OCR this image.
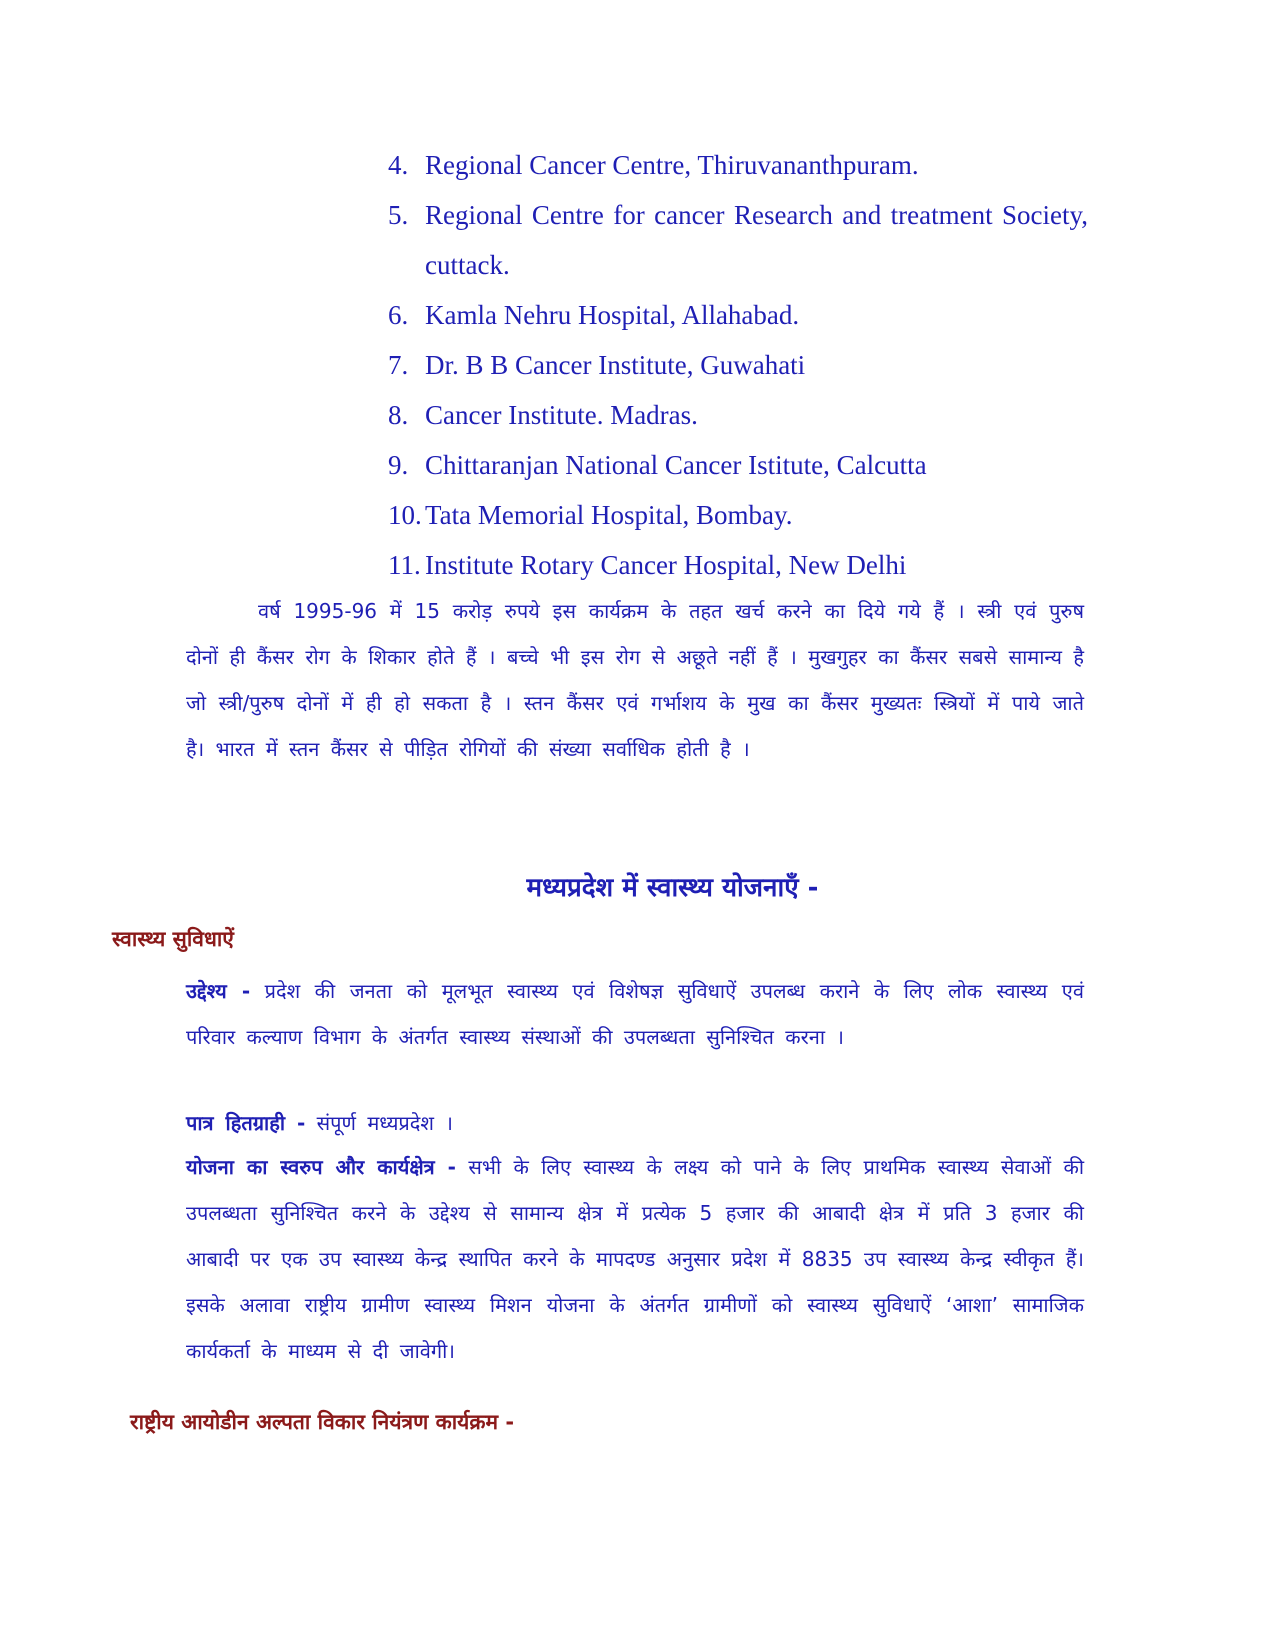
4. Regional Cancer Centre, Thiruvananthpuram.
5. Regional Centre for cancer Research and treatment Society, cuttack.
6. Kamla Nehru Hospital, Allahabad.
7. Dr. B B Cancer Institute, Guwahati
8. Cancer Institute. Madras.
9. Chittaranjan National Cancer Istitute, Calcutta
10. Tata Memorial Hospital, Bombay.
11. Institute Rotary Cancer Hospital, New Delhi

वर्ष 1995-96 में 15 करोड़ रुपये इस कार्यक्रम के तहत खर्च करने का दिये गये हैं । स्त्री एवं पुरुष दोनों ही कैंसर रोग के शिकार होते हैं । बच्चे भी इस रोग से अछूते नहीं हैं । मुखगुहर का कैंसर सबसे सामान्य है जो स्त्री/पुरुष दोनों में ही हो सकता है । स्तन कैंसर एवं गर्भाशय के मुख का कैंसर मुख्यतः स्त्रियों में पाये जाते है। भारत में स्तन कैंसर से पीड़ित रोगियों की संख्या सर्वाधिक होती है ।

मध्यप्रदेश में स्वास्थ्य योजनाएँ -
स्वास्थ्य सुविधाऐं

उद्देश्य - प्रदेश की जनता को मूलभूत स्वास्थ्य एवं विशेषज्ञ सुविधाऐं उपलब्ध कराने के लिए लोक स्वास्थ्य एवं परिवार कल्याण विभाग के अंतर्गत स्वास्थ्य संस्थाओं की उपलब्धता सुनिश्चित करना ।

पात्र हितग्राही - संपूर्ण मध्यप्रदेश ।

योजना का स्वरुप और कार्यक्षेत्र - सभी के लिए स्वास्थ्य के लक्ष्य को पाने के लिए प्राथमिक स्वास्थ्य सेवाओं की उपलब्धता सुनिश्चित करने के उद्देश्य से सामान्य क्षेत्र में प्रत्येक 5 हजार की आबादी क्षेत्र में प्रति 3 हजार की आबादी पर एक उप स्वास्थ्य केन्द्र स्थापित करने के मापदण्ड अनुसार प्रदेश में 8835 उप स्वास्थ्य केन्द्र स्वीकृत हैं। इसके अलावा राष्ट्रीय ग्रामीण स्वास्थ्य मिशन योजना के अंतर्गत ग्रामीणों को स्वास्थ्य सुविधाऐं ‘आशा’ सामाजिक कार्यकर्ता के माध्यम से दी जावेगी।

राष्ट्रीय आयोडीन अल्पता विकार नियंत्रण कार्यक्रम -
